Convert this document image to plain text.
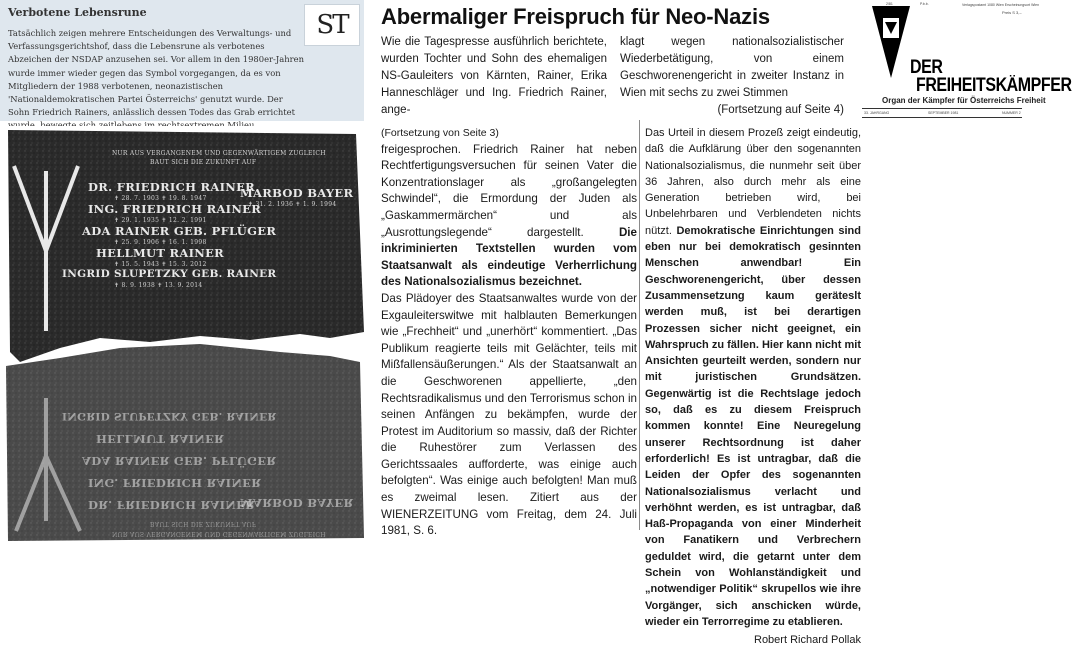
Verbotene Lebensrune
Tatsächlich zeigen mehrere Entscheidungen des Verwaltungs- und Verfassungsgerichtshof, dass die Lebensrune als verbotenes Abzeichen der NSDAP anzusehen sei. Vor allem in den 1980er-Jahren wurde immer wieder gegen das Symbol vorgegangen, da es von Mitgliedern der 1988 verbotenen, neonazistischen 'Nationaldemokratischen Partei Österreichs' genutzt wurde. Der Sohn Friedrich Rainers, anlässlich dessen Todes das Grab errichtet
ST
NUR AUS VERGANGENEM UND GEGENWÄRTIGEM ZUGLEICH
BAUT SICH DIE ZUKUNFT AUF
DR. FRIEDRICH RAINER
✝ 28. 7. 1903 ✝ 19. 8. 1947
ING. FRIEDRICH RAINER
✝ 29. 1. 1935 ✝ 12. 2. 1991
ADA RAINER GEB. PFLÜGER
✝ 25. 9. 1906 ✝ 16. 1. 1998
HELLMUT RAINER
✝ 15. 5. 1943 ✝ 15. 3. 2012
INGRID SLUPETZKY GEB. RAINER
✝ 8. 9. 1938 ✝ 13. 9. 2014
MARBOD BAYER
✝ 31. 2. 1936 ✝ 1. 9. 1994
INGRID SLUPETZKY GEB. RAINER
HELLMUT RAINER
ADA RAINER GEB. PFLÜGER
ING. FRIEDRICH RAINER
DR. FRIEDRICH RAINER
MARBOD BAYER
BAUT SICH DIE ZUKUNFT AUF
NUR AUS VERGANGENEM UND GEGENWÄRTIGEM ZUGLEICH
Abermaliger Freispruch für Neo-Nazis

Wie die Tagespresse ausführlich berichtete, wurden Tochter und Sohn des ehemaligen NS-Gauleiters von Kärnten, Rainer, Erika Hanneschläger und Ing. Friedrich Rainer, ange-

klagt wegen nationalsozialistischer Wiederbetätigung, von einem Geschworenengericht in zweiter Instanz in Wien mit sechs zu zwei Stimmen

(Fortsetzung auf Seite 4)

(Fortsetzung von Seite 3)
freigesprochen. Friedrich Rainer hat neben Rechtfertigungsversuchen für seinen Vater die Konzentrationslager als „großangelegten Schwindel“, die Ermordung der Juden als „Gaskammermärchen“ und als „Ausrottungslegende“ dargestellt.	Die inkriminierten Textstellen wurden vom Staatsanwalt als eindeutige Verherrlichung des Nationalsozialismus bezeichnet.

Das Plädoyer des Staatsanwaltes wurde von der Exgauleiterswitwe mit halblauten Bemerkungen wie „Frechheit“ und „unerhört“ kommentiert. „Das Publikum reagierte teils mit Gelächter, teils mit Mißfallensäußerungen.“ Als der Staatsanwalt an die Geschworenen appellierte, „den Rechtsradikalismus und den Terrorismus schon in seinen Anfängen zu bekämpfen, wurde der Protest im Auditorium so massiv, daß der Richter die Ruhestörer zum Verlassen des Gerichtssaales aufforderte, was einige auch befolgten“. Was einige auch befolgten! Man muß es zweimal lesen. Zitiert aus der WIENERZEITUNG vom Freitag, dem 24. Juli 1981, S. 6.

Das Urteil in diesem Prozeß zeigt eindeutig, daß die Aufklärung über den sogenannten Nationalsozialismus, die nunmehr seit über 36 Jahren, also durch mehr als eine Generation betrieben wird, bei Unbelehrbaren und Verblendeten nichts nützt. Demokratische Einrichtungen sind eben nur bei demokratisch gesinnten Menschen anwendbar! Ein Geschworenengericht, über dessen Zusammensetzung kaum geräteslt werden muß, ist bei derartigen Prozessen sicher nicht geeignet, ein Wahrspruch zu fällen. Hier kann nicht mit Ansichten geurteilt werden, sondern nur mit juristischen Grundsätzen. Gegenwärtig ist die Rechtslage jedoch so, daß es zu diesem Freispruch kommen konnte! Eine Neuregelung unserer Rechtsordnung ist daher erforderlich! Es ist untragbar, daß die Leiden der Opfer des sogenannten Nationalsozialismus verlacht und verhöhnt werden, es ist untragbar, daß Haß-Propaganda von einer Minderheit von Fanatikern und Verbrechern geduldet wird, die getarnt unter dem Schein von Wohlanständigkeit und „notwendiger Politik“ skrupellos wie ihre Vorgänger, sich anschicken würde, wieder ein Terrorregime zu etablieren.
Robert Richard Pollak
2/81	P.b.b.	Verlagspostamt 1080 Wien Erscheinungsort Wien
Preis S 3,–
DER
FREIHEITSKÄMPFER
Organ der Kämpfer für Österreichs Freiheit
33. JAHRGANG	SEPTEMBER 1981	NUMMER 2
